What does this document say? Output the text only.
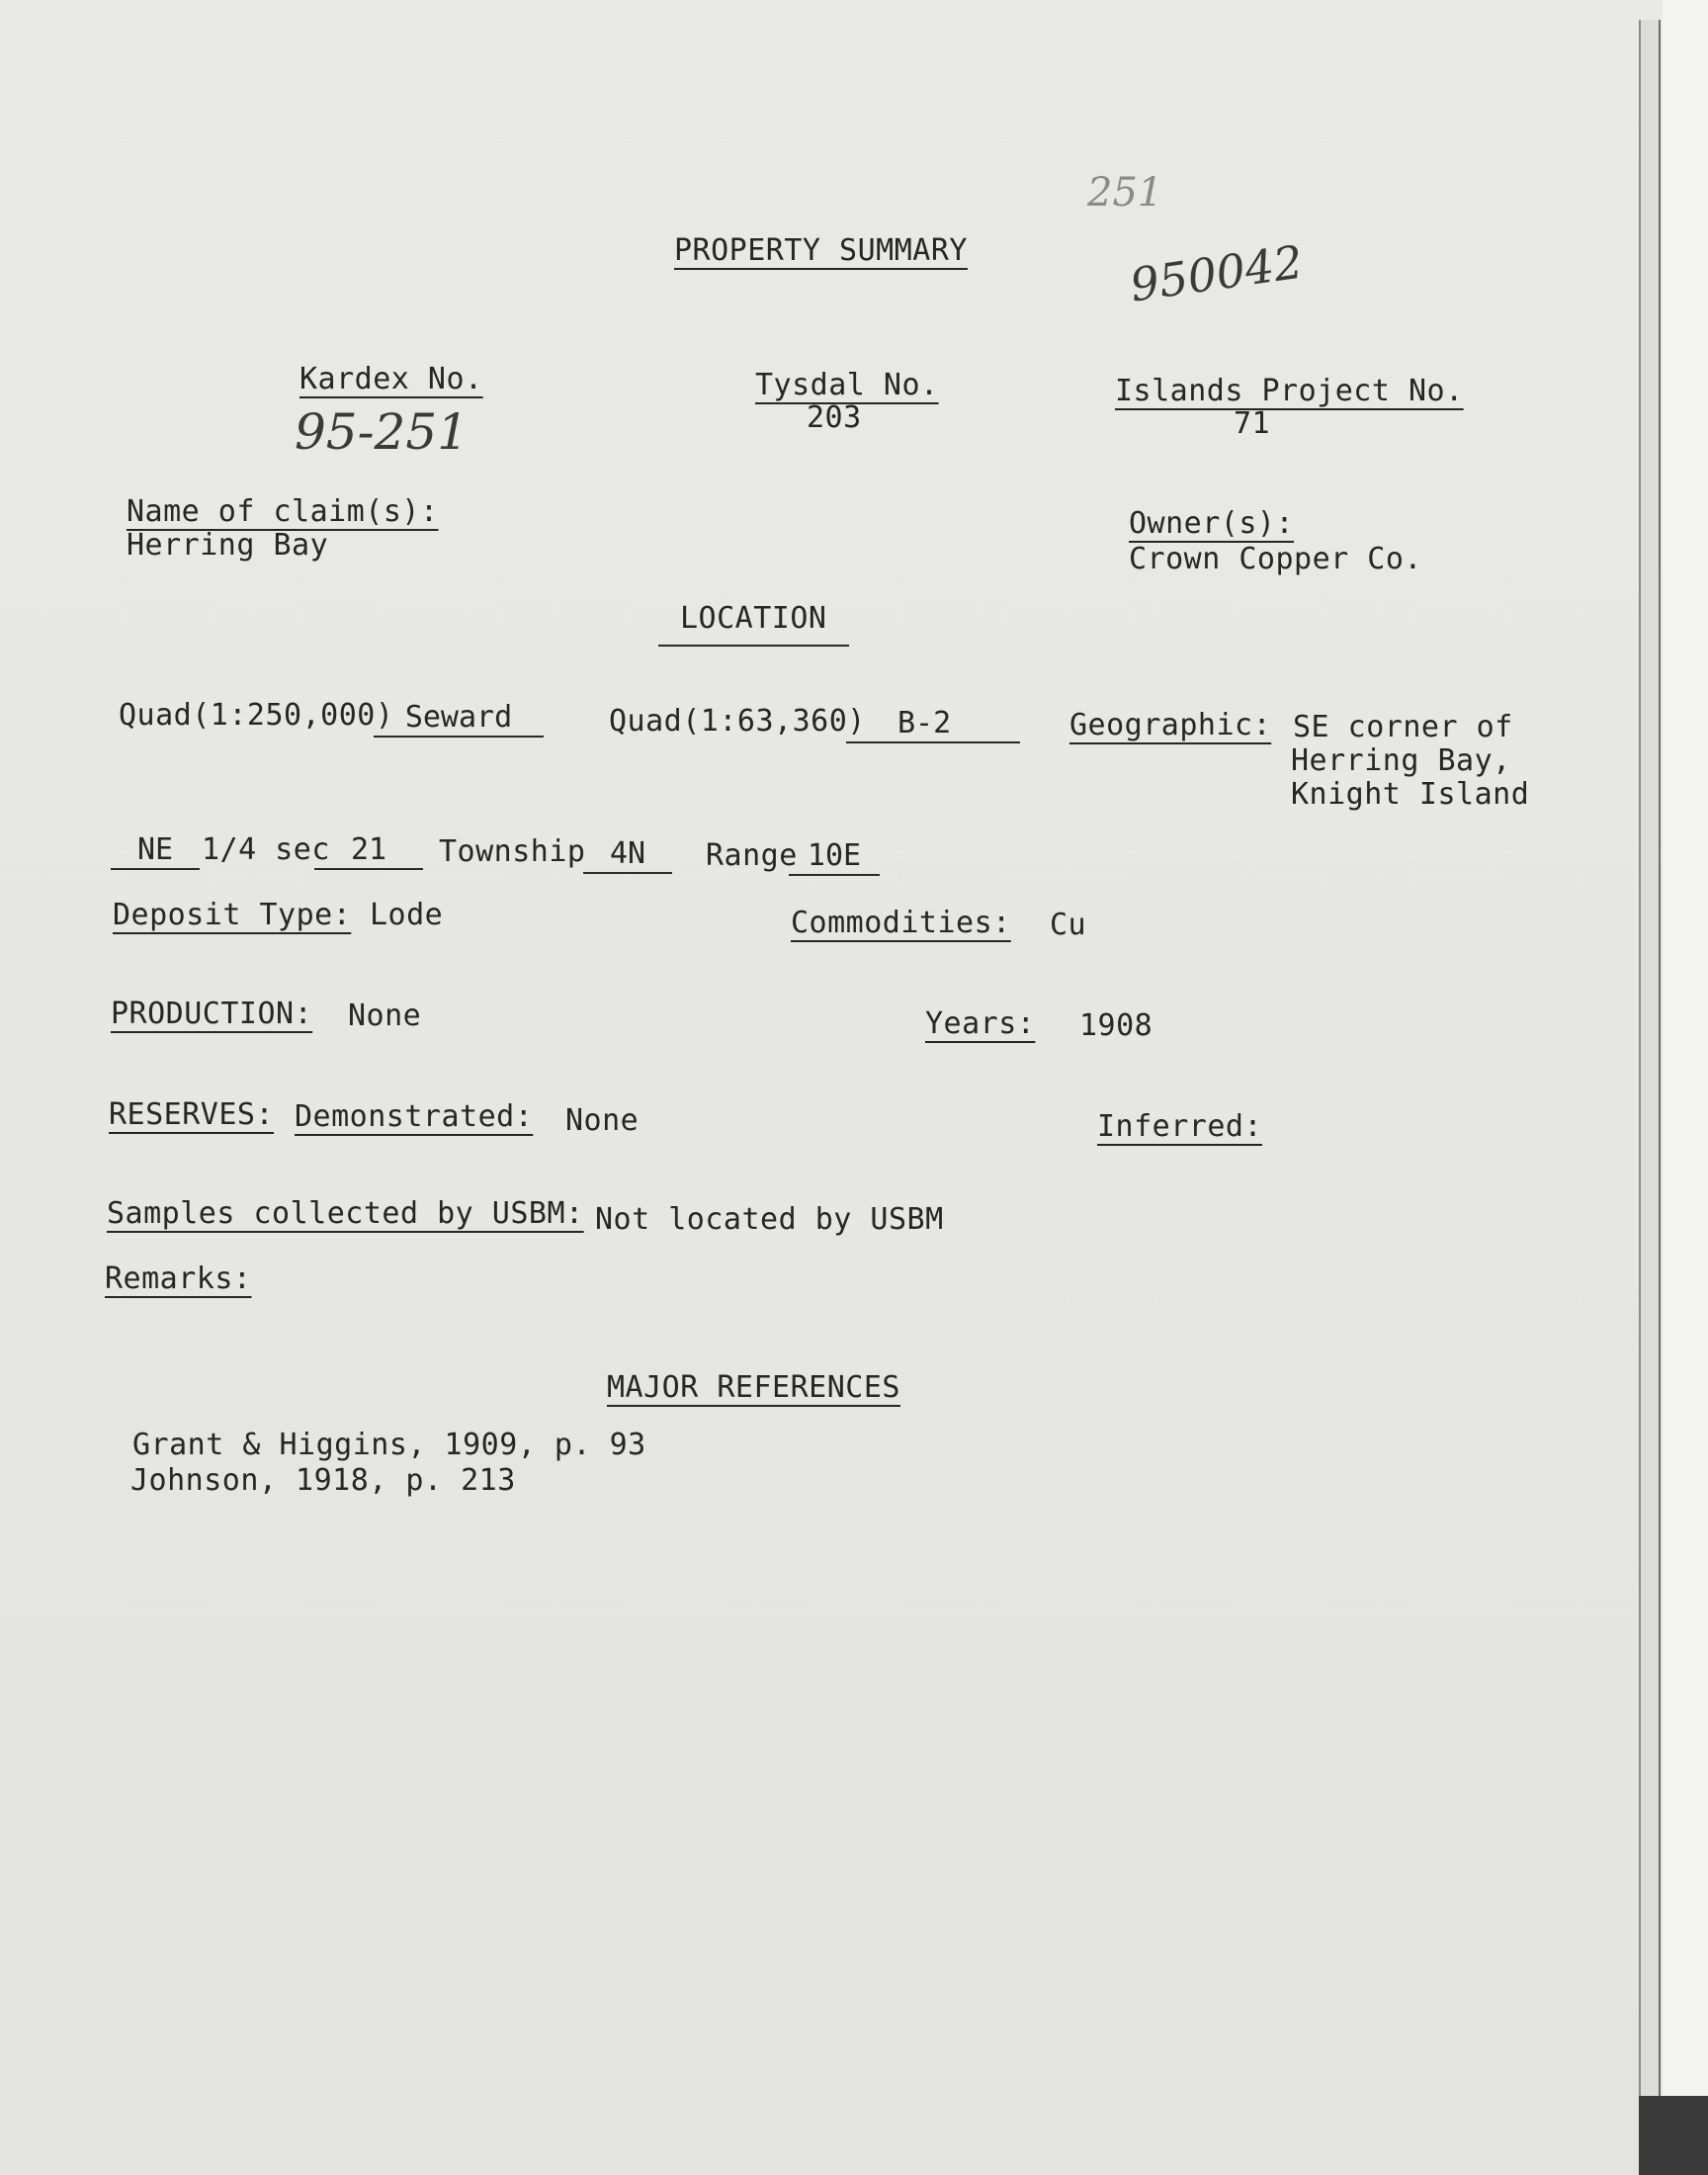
251
950042
PROPERTY SUMMARY
Kardex No.
95-251
Tysdal No.
203
Islands Project No.
71
Name of claim(s):
Herring Bay
Owner(s):
Crown Copper Co.
LOCATION
Quad(1:250,000) Seward	Quad(1:63,360)	B-2	Geographic: SE corner of
Herring Bay,
Knight Island
NE 1/4 sec 21	Township 4N	Range 10E
Deposit Type: Lode	Commodities: Cu
PRODUCTION: None	Years: 1908
RESERVES: Demonstrated: None	Inferred:
Samples collected by USBM: Not located by USBM
Remarks:
MAJOR REFERENCES
Grant & Higgins, 1909, p. 93
Johnson, 1918, p. 213
